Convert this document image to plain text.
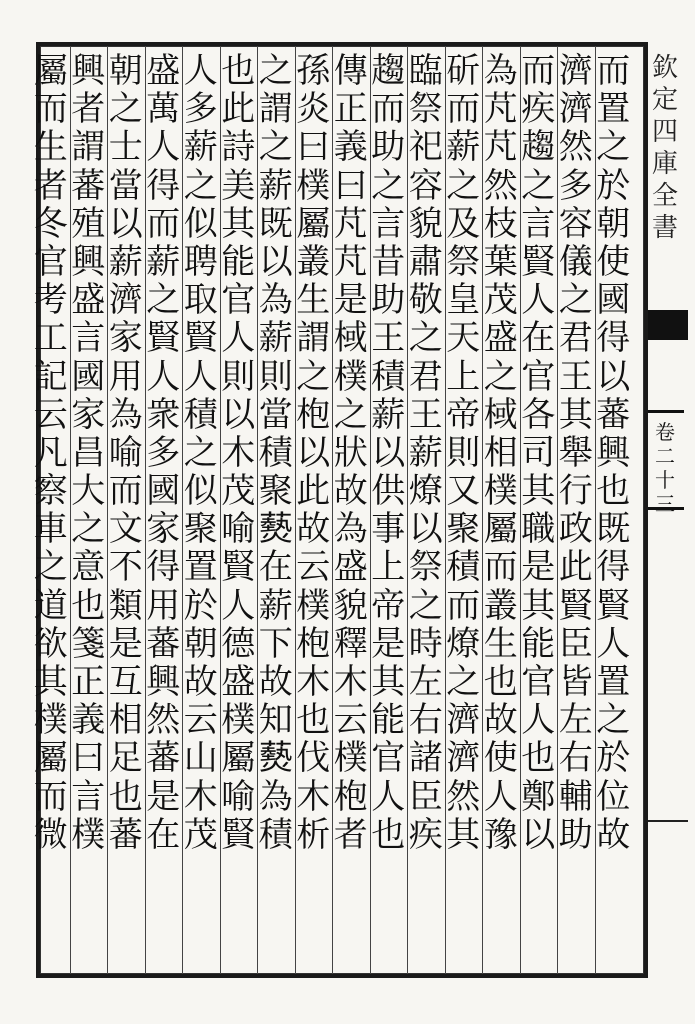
欽
定
四
庫
全
書
卷
二
十
三
而
置
之
於
朝
使
國
得
以
蕃
興
也
既
得
賢
人
置
之
於
位
故
濟
濟
然
多
容
儀
之
君
王
其
舉
行
政
此
賢
臣
皆
左
右
輔
助
而
疾
趨
之
言
賢
人
在
官
各
司
其
職
是
其
能
官
人
也
鄭
以
為
芃
芃
然
枝
葉
茂
盛
之
棫
相
樸
屬
而
叢
生
也
故
使
人
豫
斫
而
薪
之
及
祭
皇
天
上
帝
則
又
聚
積
而
燎
之
濟
濟
然
其
臨
祭
祀
容
貌
肅
敬
之
君
王
薪
燎
以
祭
之
時
左
右
諸
臣
疾
趨
而
助
之
言
昔
助
王
積
薪
以
供
事
上
帝
是
其
能
官
人
也
傳
正
義
曰
芃
芃
是
棫
樸
之
狀
故
為
盛
貌
釋
木
云
樸
枹
者
孫
炎
曰
樸
屬
叢
生
謂
之
枹
以
此
故
云
樸
枹
木
也
伐
木
析
之
謂
之
薪
既
以
為
薪
則
當
積
聚
𤑔
在
薪
下
故
知
𤑔
為
積
也
此
詩
美
其
能
官
人
則
以
木
茂
喻
賢
人
德
盛
樸
屬
喻
賢
人
多
薪
之
似
聘
取
賢
人
積
之
似
聚
置
於
朝
故
云
山
木
茂
盛
萬
人
得
而
薪
之
賢
人
衆
多
國
家
得
用
蕃
興
然
蕃
是
在
朝
之
士
當
以
薪
濟
家
用
為
喻
而
文
不
類
是
互
相
足
也
蕃
興
者
謂
蕃
殖
興
盛
言
國
家
昌
大
之
意
也
箋
正
義
曰
言
樸
屬
而
生
者
冬
官
考
工
記
云
凡
察
車
之
道
欲
其
樸
屬
而
微
